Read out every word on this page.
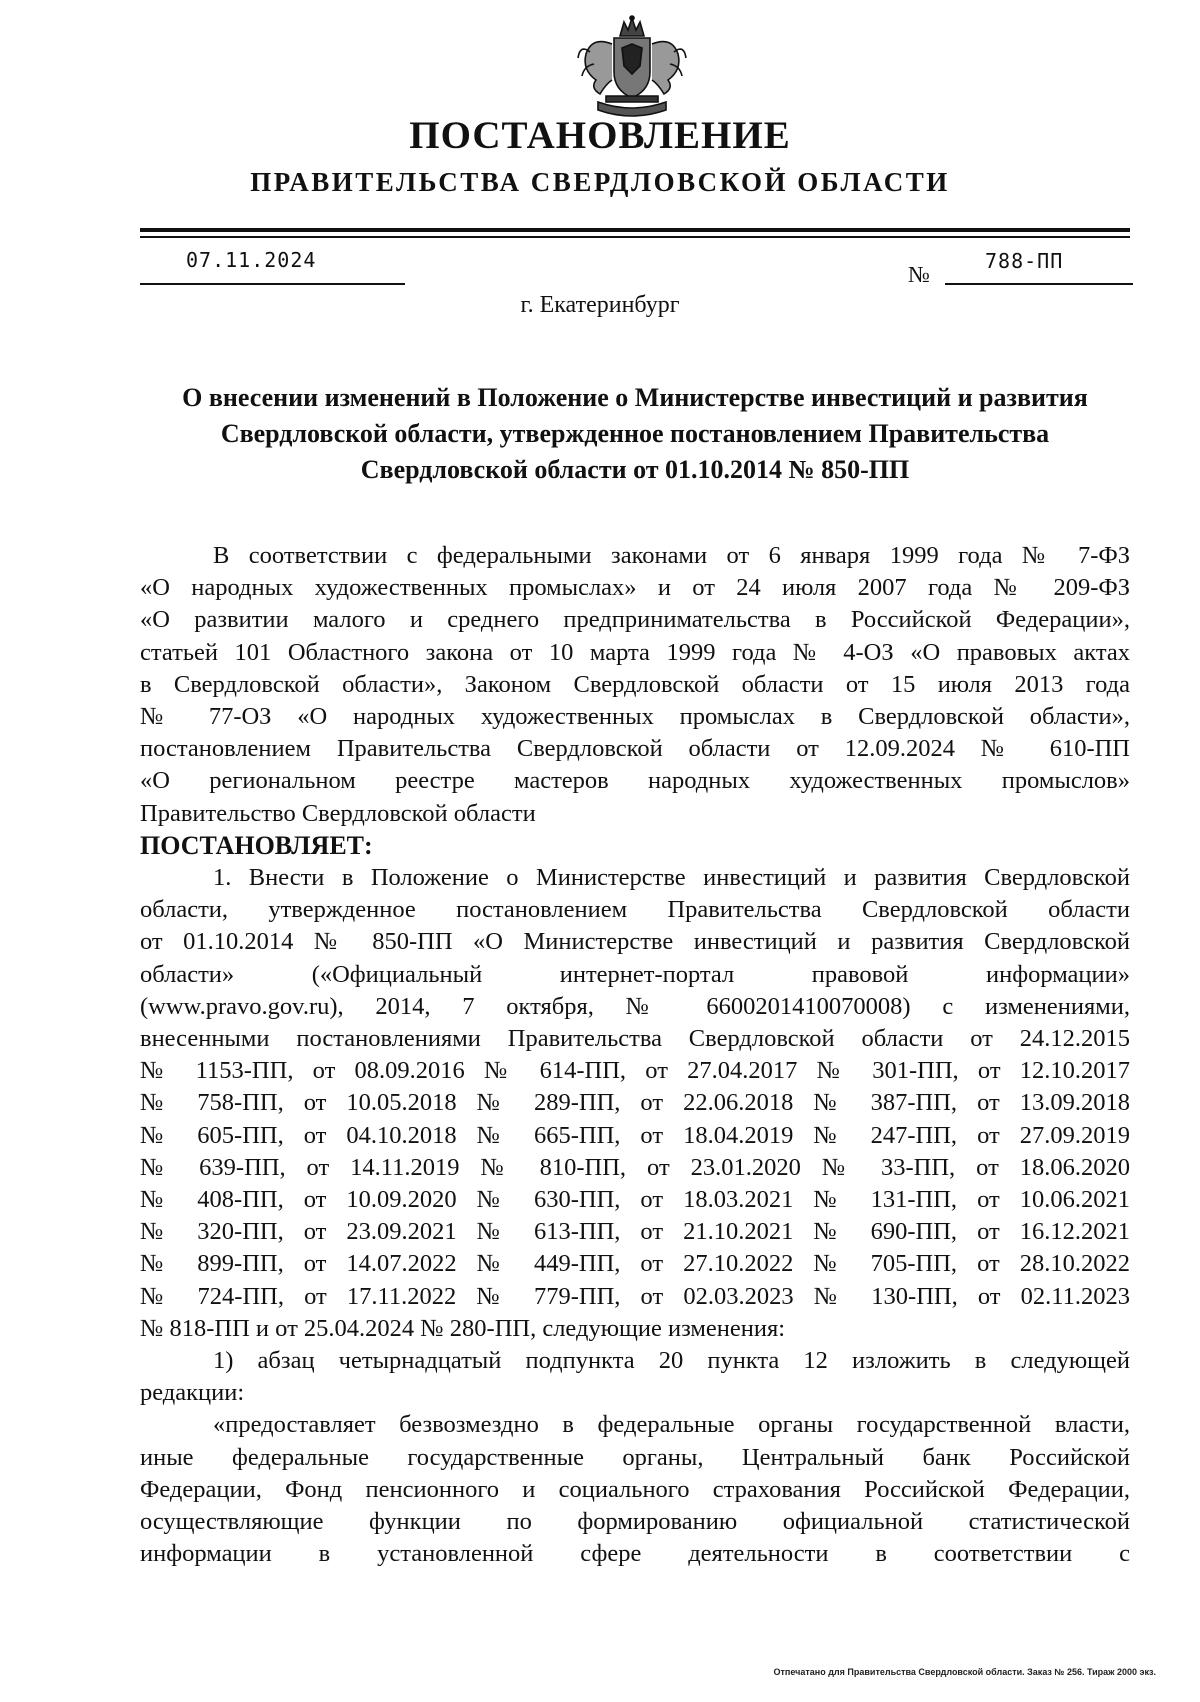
ПОСТАНОВЛЕНИЕ
ПРАВИТЕЛЬСТВА СВЕРДЛОВСКОЙ ОБЛАСТИ
07.11.2024
№
788-ПП
г. Екатеринбург
О внесении изменений в Положение о Министерстве инвестиций и развития
Свердловской области, утвержденное постановлением Правительства
Свердловской области от 01.10.2014 № 850-ПП
В соответствии с федеральными законами от 6 января 1999 года № 7-ФЗ
«О народных художественных промыслах» и от 24 июля 2007 года № 209-ФЗ
«О развитии малого и среднего предпринимательства в Российской Федерации»,
статьей 101 Областного закона от 10 марта 1999 года № 4-ОЗ «О правовых актах
в Свердловской области», Законом Свердловской области от 15 июля 2013 года
№ 77-ОЗ «О народных художественных промыслах в Свердловской области»,
постановлением Правительства Свердловской области от 12.09.2024 № 610-ПП
«О региональном реестре мастеров народных художественных промыслов»
Правительство Свердловской области
ПОСТАНОВЛЯЕТ:
1. Внести в Положение о Министерстве инвестиций и развития Свердловской
области, утвержденное постановлением Правительства Свердловской области
от 01.10.2014 № 850-ПП «О Министерстве инвестиций и развития Свердловской
области» («Официальный интернет-портал правовой информации»
(www.pravo.gov.ru), 2014, 7 октября, № 6600201410070008) с изменениями,
внесенными постановлениями Правительства Свердловской области от 24.12.2015
№ 1153-ПП, от 08.09.2016 № 614-ПП, от 27.04.2017 № 301-ПП, от 12.10.2017
№ 758-ПП, от 10.05.2018 № 289-ПП, от 22.06.2018 № 387-ПП, от 13.09.2018
№ 605-ПП, от 04.10.2018 № 665-ПП, от 18.04.2019 № 247-ПП, от 27.09.2019
№ 639-ПП, от 14.11.2019 № 810-ПП, от 23.01.2020 № 33-ПП, от 18.06.2020
№ 408-ПП, от 10.09.2020 № 630-ПП, от 18.03.2021 № 131-ПП, от 10.06.2021
№ 320-ПП, от 23.09.2021 № 613-ПП, от 21.10.2021 № 690-ПП, от 16.12.2021
№ 899-ПП, от 14.07.2022 № 449-ПП, от 27.10.2022 № 705-ПП, от 28.10.2022
№ 724-ПП, от 17.11.2022 № 779-ПП, от 02.03.2023 № 130-ПП, от 02.11.2023
№ 818-ПП и от 25.04.2024 № 280-ПП, следующие изменения:
1) абзац четырнадцатый подпункта 20 пункта 12 изложить в следующей
редакции:
«предоставляет безвозмездно в федеральные органы государственной власти,
иные федеральные государственные органы, Центральный банк Российской
Федерации, Фонд пенсионного и социального страхования Российской Федерации,
осуществляющие функции по формированию официальной статистической
информации в установленной сфере деятельности в соответствии с
Отпечатано для Правительства Свердловской области. Заказ № 256. Тираж 2000 экз.
